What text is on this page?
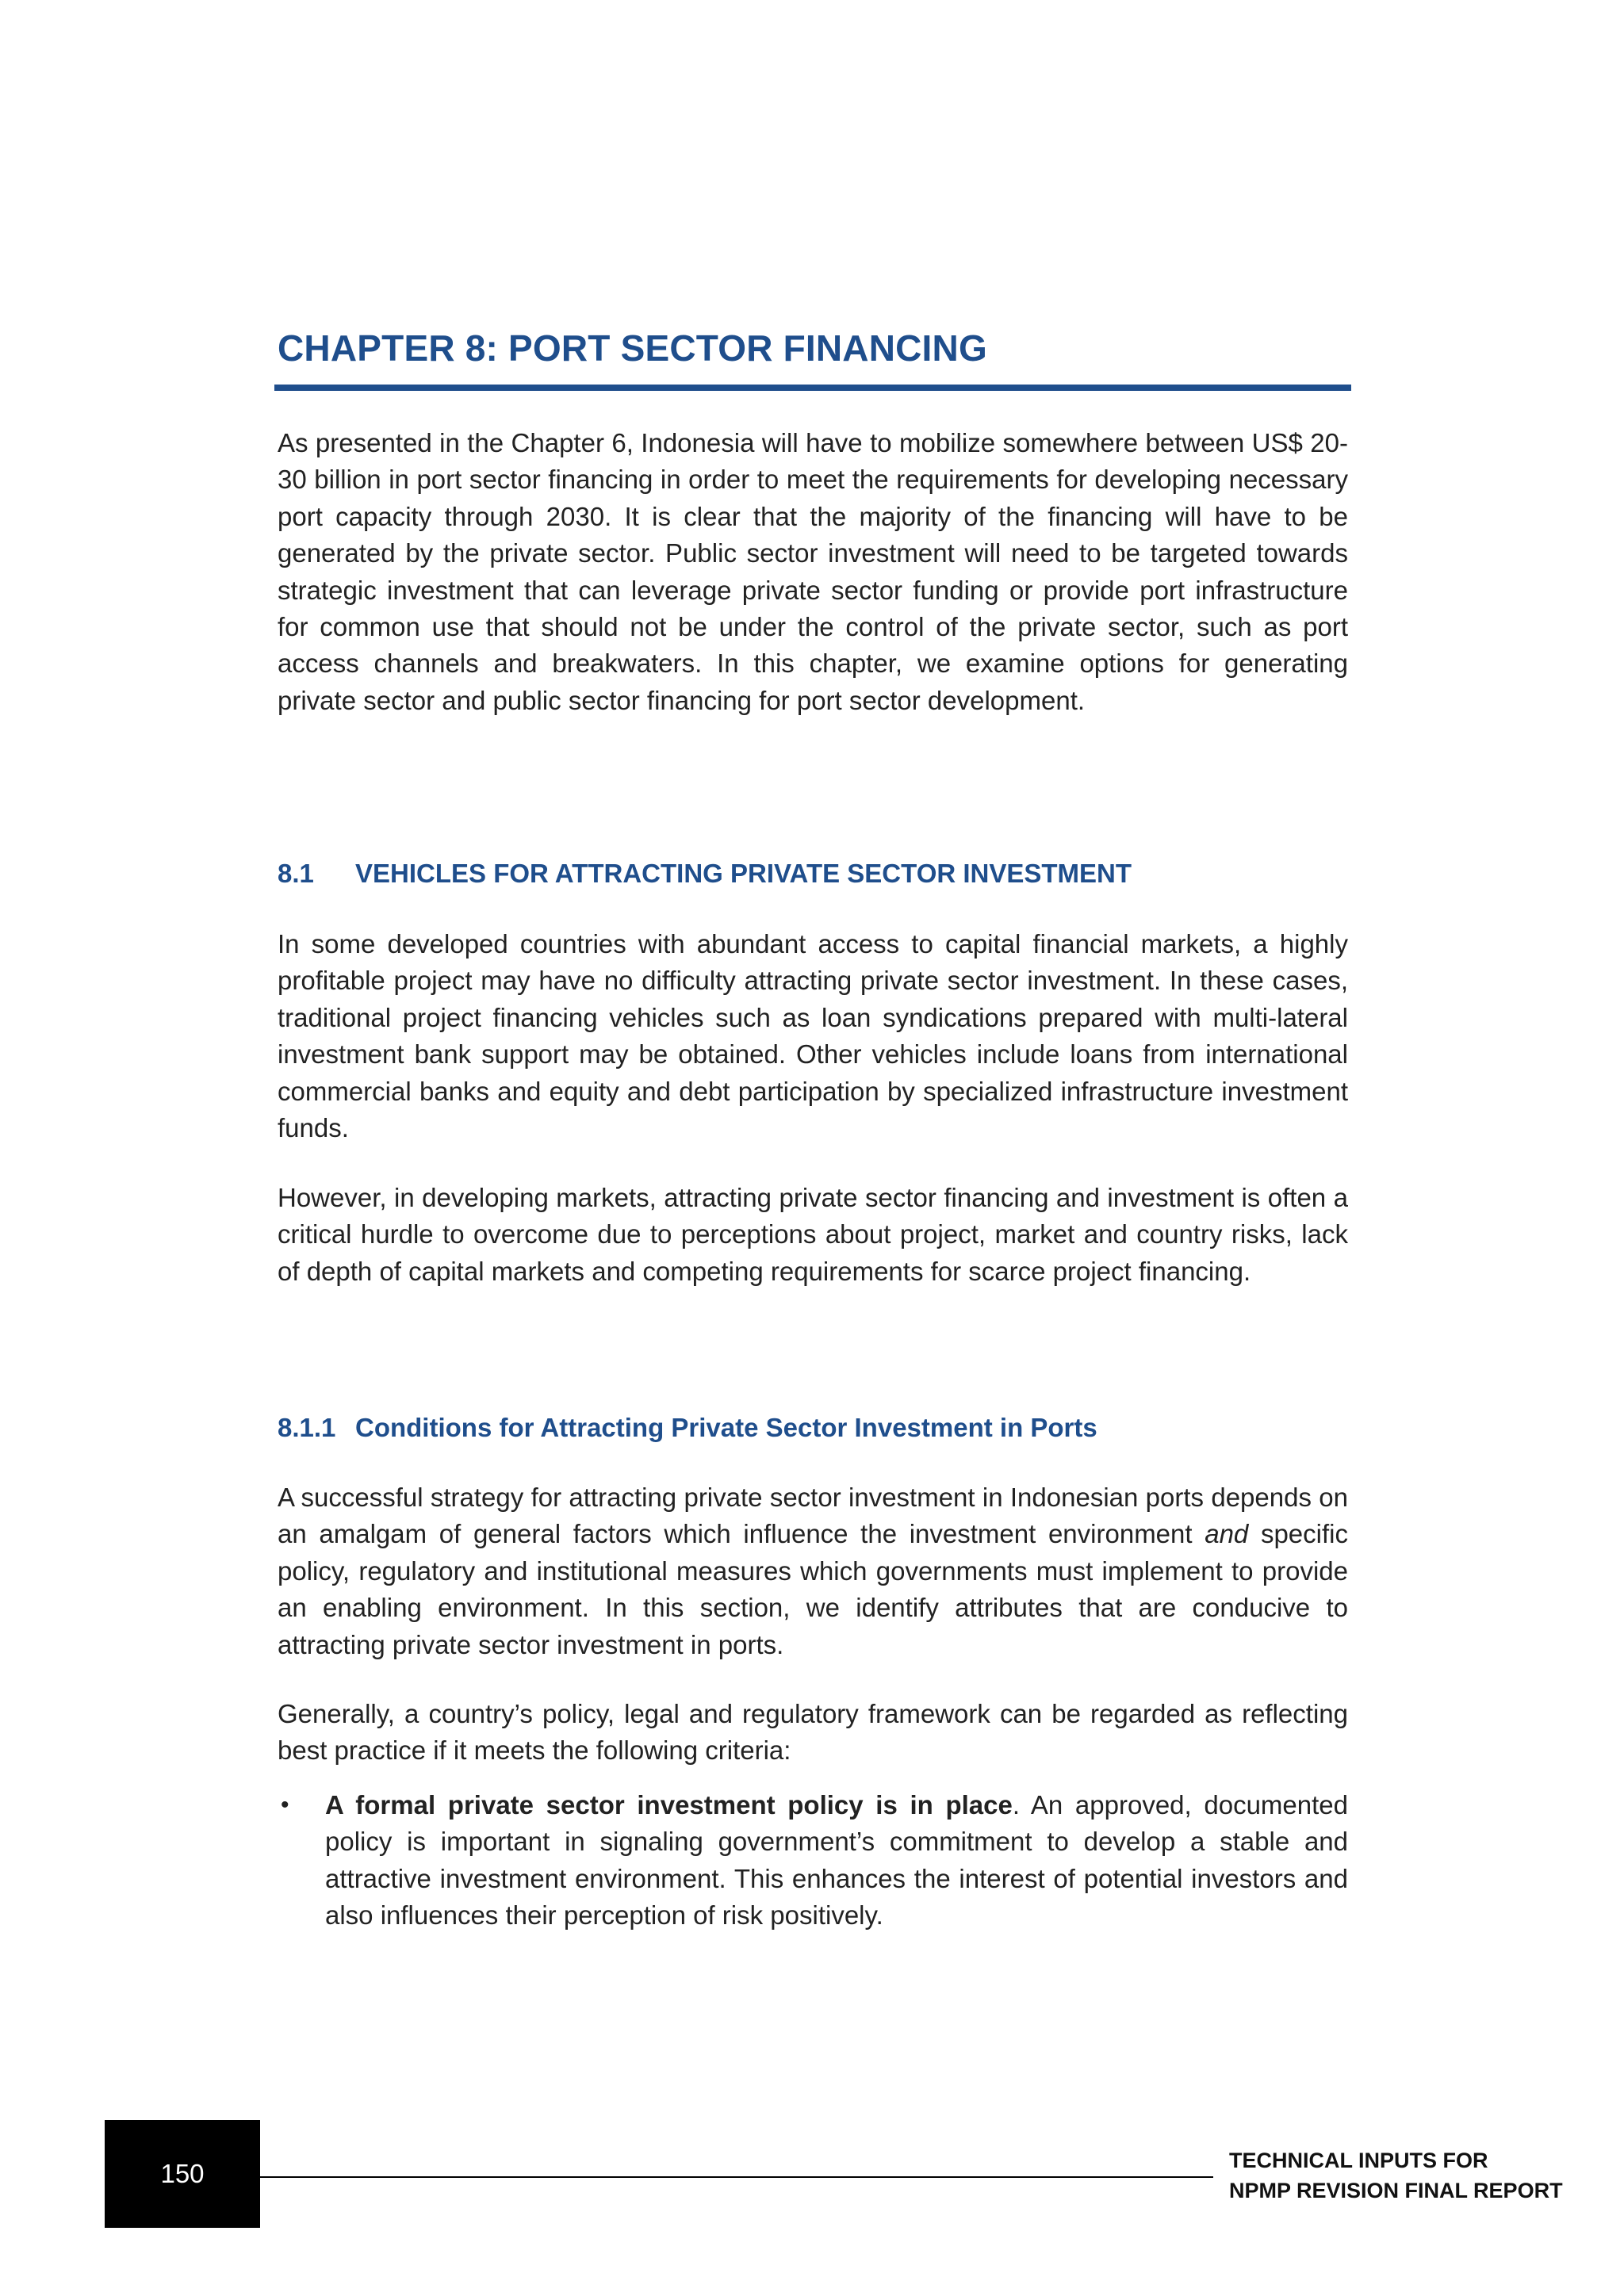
CHAPTER 8: PORT SECTOR FINANCING

As presented in the Chapter 6, Indonesia will have to mobilize somewhere between US$ 20-30 billion in port sector financing in order to meet the requirements for developing necessary port capacity through 2030. It is clear that the majority of the financing will have to be generated by the private sector. Public sector investment will need to be targeted towards strategic investment that can leverage private sector funding or provide port infrastructure for common use that should not be under the control of the private sector, such as port access channels and breakwaters. In this chapter, we examine options for generating private sector and public sector financing for port sector development.

8.1 VEHICLES FOR ATTRACTING PRIVATE SECTOR INVESTMENT

In some developed countries with abundant access to capital financial markets, a highly profitable project may have no difficulty attracting private sector investment. In these cases, traditional project financing vehicles such as loan syndications prepared with multi-lateral investment bank support may be obtained. Other vehicles include loans from international commercial banks and equity and debt participation by specialized infrastructure investment funds.

However, in developing markets, attracting private sector financing and investment is often a critical hurdle to overcome due to perceptions about project, market and country risks, lack of depth of capital markets and competing requirements for scarce project financing.

8.1.1 Conditions for Attracting Private Sector Investment in Ports

A successful strategy for attracting private sector investment in Indonesian ports depends on an amalgam of general factors which influence the investment environment and specific policy, regulatory and institutional measures which governments must implement to provide an enabling environment. In this section, we identify attributes that are conducive to attracting private sector investment in ports.

Generally, a country’s policy, legal and regulatory framework can be regarded as reflecting best practice if it meets the following criteria:

• A formal private sector investment policy is in place. An approved, documented policy is important in signaling government’s commitment to develop a stable and attractive investment environment. This enhances the interest of potential investors and also influences their perception of risk positively.
150	TECHNICAL INPUTS FOR
NPMP REVISION FINAL REPORT
